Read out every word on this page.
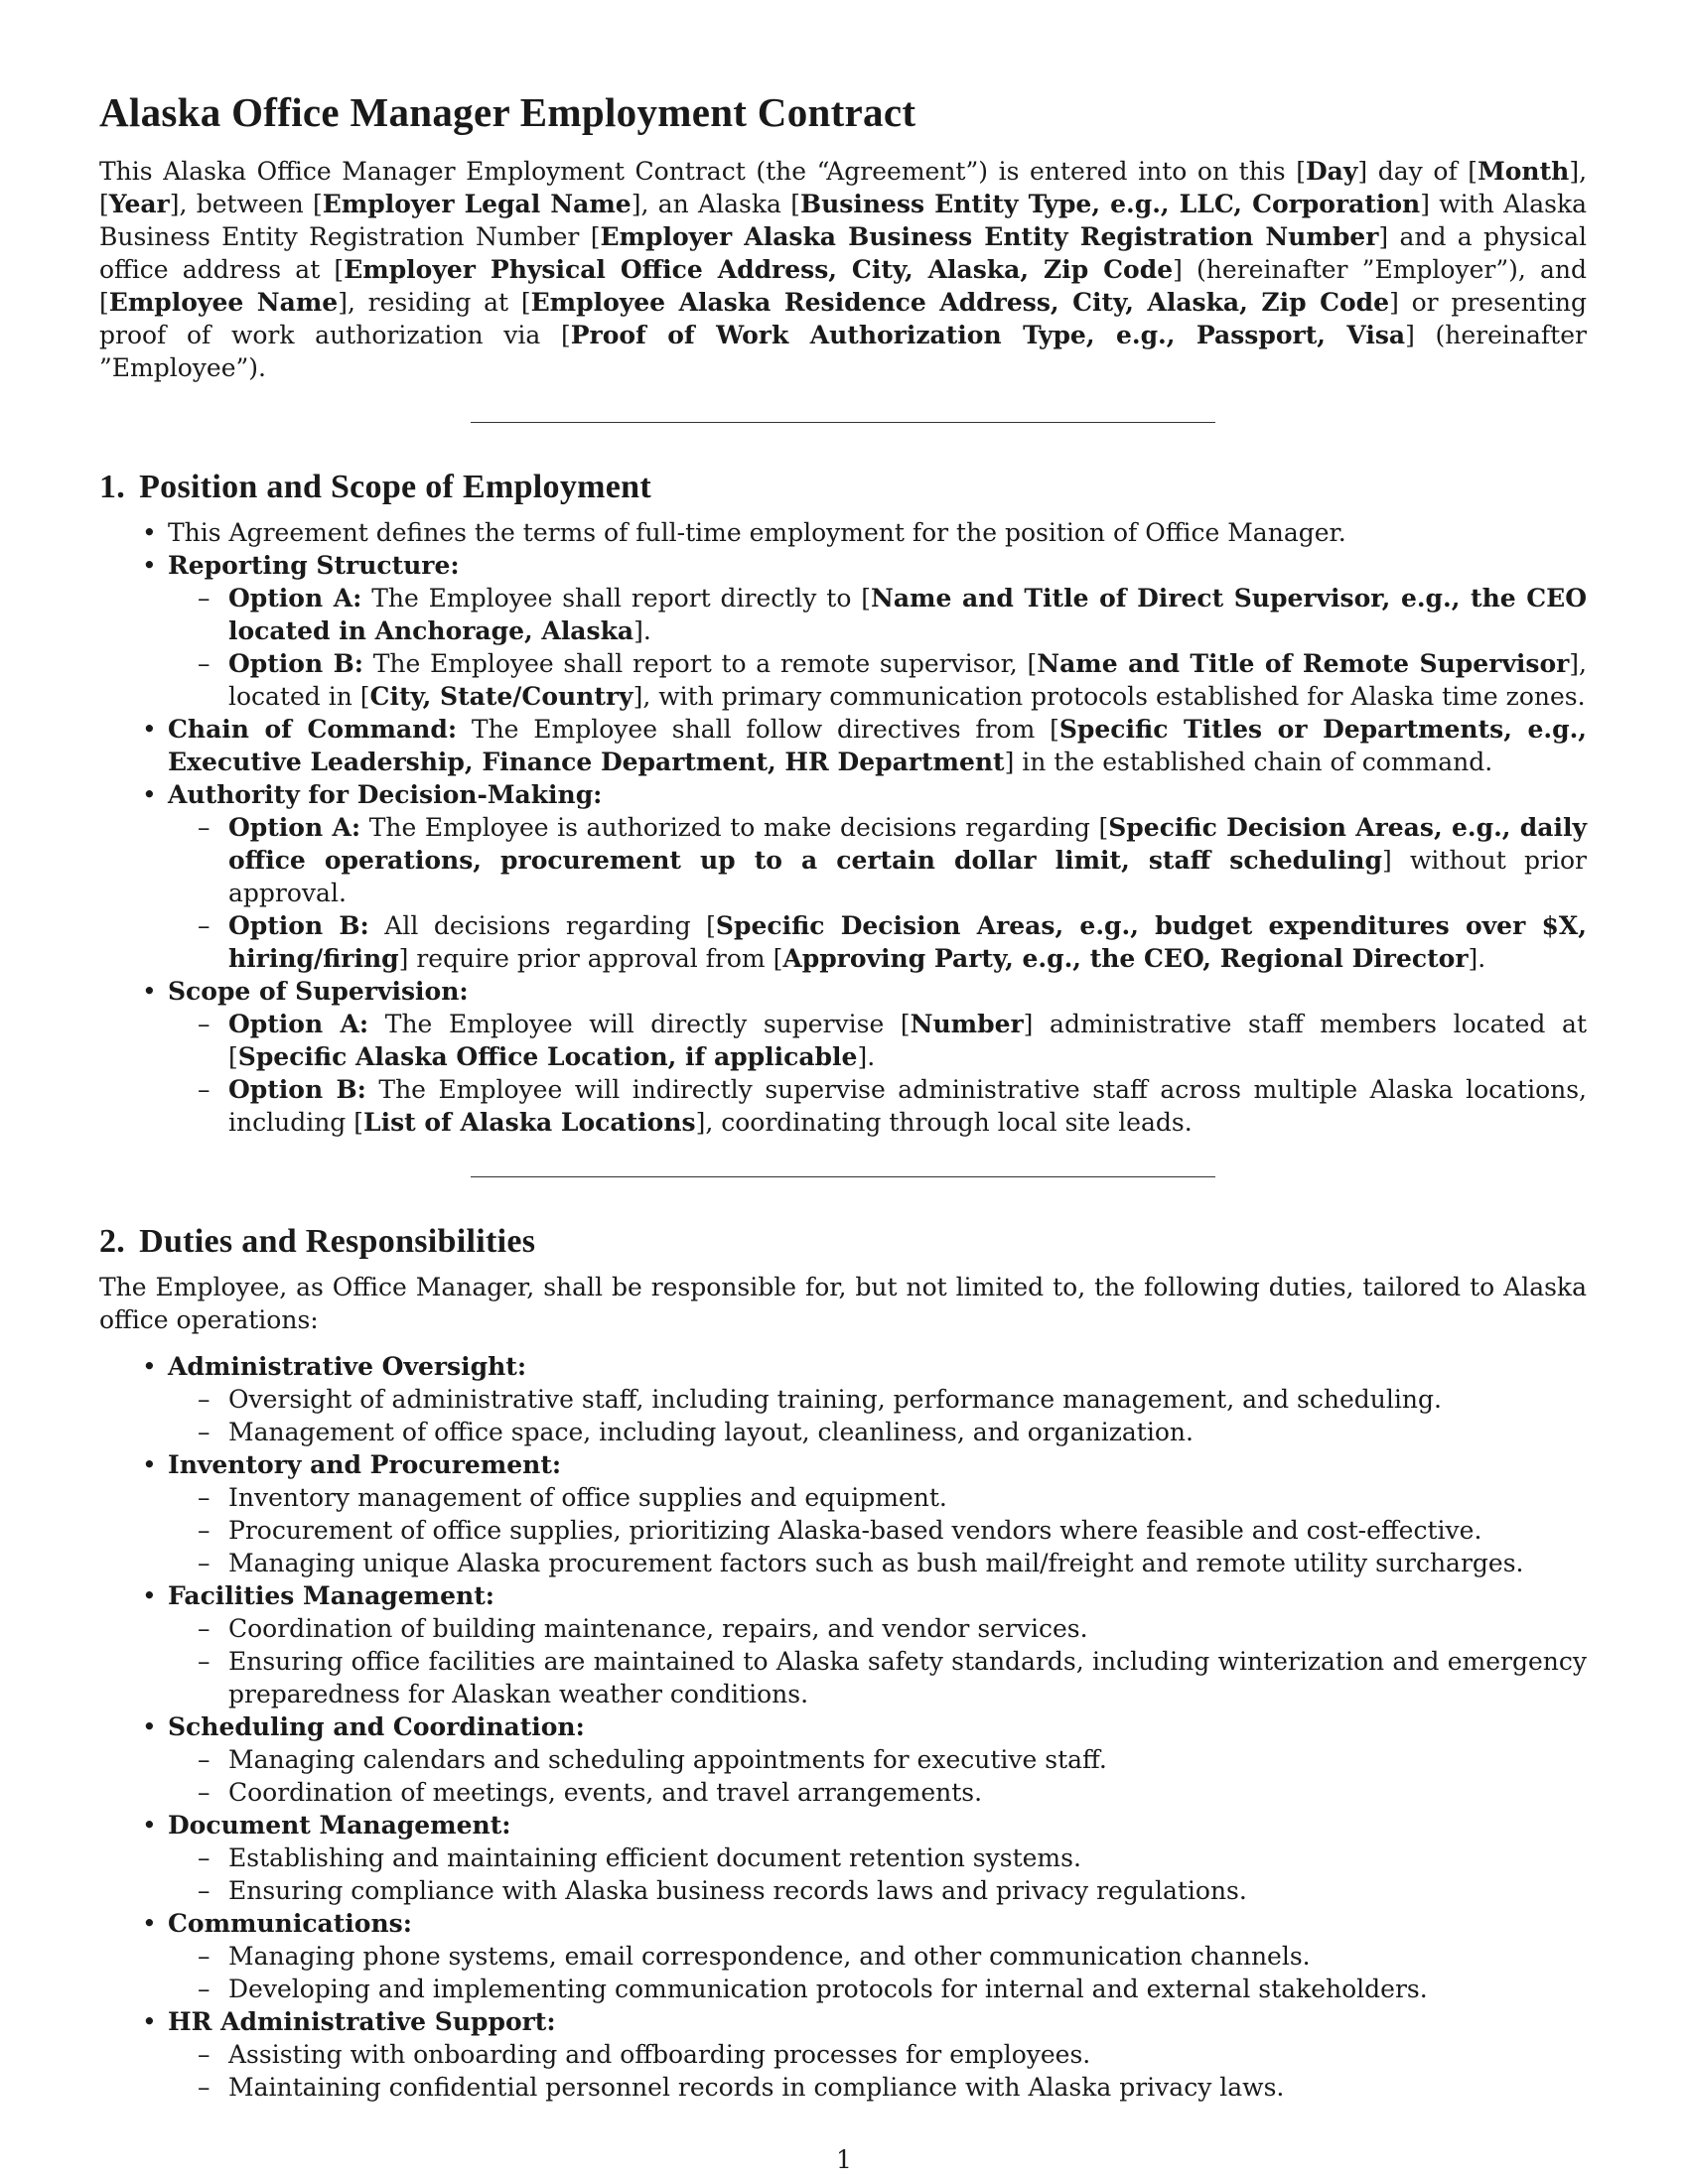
Alaska Office Manager Employment Contract

This Alaska Office Manager Employment Contract (the “Agreement”) is entered into on this [Day] day of [Month], [Year], between [Employer Legal Name], an Alaska [Business Entity Type, e.g., LLC, Corporation] with Alaska Business Entity Registration Number [Employer Alaska Business Entity Registration Number] and a physical office address at [Employer Physical Office Address, City, Alaska, Zip Code] (hereinafter ”Employer”), and [Employee Name], residing at [Employee Alaska Residence Address, City, Alaska, Zip Code] or presenting proof of work authorization via [Proof of Work Authorization Type, e.g., Passport, Visa] (hereinafter ”Employee”).

1. Position and Scope of Employment
• This Agreement defines the terms of full-time employment for the position of Office Manager.
• Reporting Structure:
– Option A: The Employee shall report directly to [Name and Title of Direct Supervisor, e.g., the CEO located in Anchorage, Alaska].
– Option B: The Employee shall report to a remote supervisor, [Name and Title of Remote Supervisor], located in [City, State/Country], with primary communication protocols established for Alaska time zones.
• Chain of Command: The Employee shall follow directives from [Specific Titles or Departments, e.g., Executive Leadership, Finance Department, HR Department] in the established chain of command.
• Authority for Decision-Making:
– Option A: The Employee is authorized to make decisions regarding [Specific Decision Areas, e.g., daily office operations, procurement up to a certain dollar limit, staff scheduling] without prior approval.
– Option B: All decisions regarding [Specific Decision Areas, e.g., budget expenditures over $X, hiring/firing] require prior approval from [Approving Party, e.g., the CEO, Regional Director].
• Scope of Supervision:
– Option A: The Employee will directly supervise [Number] administrative staff members located at [Specific Alaska Office Location, if applicable].
– Option B: The Employee will indirectly supervise administrative staff across multiple Alaska locations, including [List of Alaska Locations], coordinating through local site leads.
2. Duties and Responsibilities

The Employee, as Office Manager, shall be responsible for, but not limited to, the following duties, tailored to Alaska office operations:

• Administrative Oversight:
– Oversight of administrative staff, including training, performance management, and scheduling.
– Management of office space, including layout, cleanliness, and organization.
• Inventory and Procurement:
– Inventory management of office supplies and equipment.
– Procurement of office supplies, prioritizing Alaska-based vendors where feasible and cost-effective.
– Managing unique Alaska procurement factors such as bush mail/freight and remote utility surcharges.
• Facilities Management:
– Coordination of building maintenance, repairs, and vendor services.
– Ensuring office facilities are maintained to Alaska safety standards, including winterization and emergency preparedness for Alaskan weather conditions.
• Scheduling and Coordination:
– Managing calendars and scheduling appointments for executive staff.
– Coordination of meetings, events, and travel arrangements.
• Document Management:
– Establishing and maintaining efficient document retention systems.
– Ensuring compliance with Alaska business records laws and privacy regulations.
• Communications:
– Managing phone systems, email correspondence, and other communication channels.
– Developing and implementing communication protocols for internal and external stakeholders.
• HR Administrative Support:
– Assisting with onboarding and offboarding processes for employees.
– Maintaining confidential personnel records in compliance with Alaska privacy laws.
1
